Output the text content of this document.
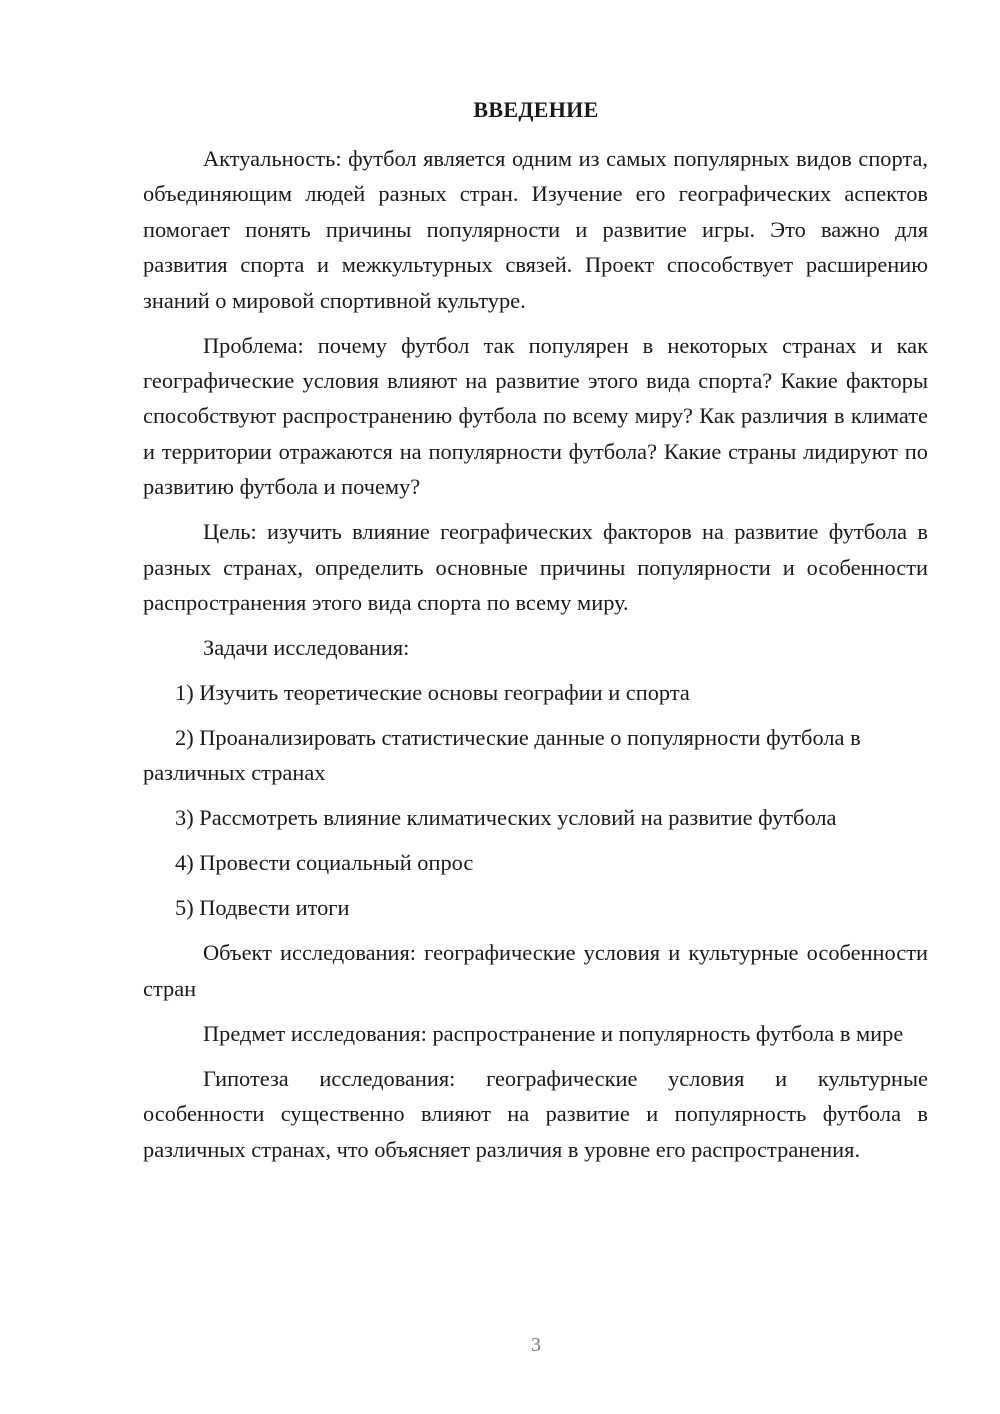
ВВЕДЕНИЕ

Актуальность: футбол является одним из самых популярных видов спорта, объединяющим людей разных стран. Изучение его географических аспектов помогает понять причины популярности и развитие игры. Это важно для развития спорта и межкультурных связей. Проект способствует расширению знаний о мировой спортивной культуре.

Проблема: почему футбол так популярен в некоторых странах и как географические условия влияют на развитие этого вида спорта? Какие факторы способствуют распространению футбола по всему миру? Как различия в климате и территории отражаются на популярности футбола? Какие страны лидируют по развитию футбола и почему?

Цель: изучить влияние географических факторов на развитие футбола в разных странах, определить основные причины популярности и особенности распространения этого вида спорта по всему миру.

Задачи исследования:

1) Изучить теоретические основы географии и спорта

2) Проанализировать статистические данные о популярности футбола в различных странах

3) Рассмотреть влияние климатических условий на развитие футбола

4) Провести социальный опрос

5) Подвести итоги

Объект исследования: географические условия и культурные особенности стран

Предмет исследования: распространение и популярность футбола в мире

Гипотеза исследования: географические условия и культурные особенности существенно влияют на развитие и популярность футбола в различных странах, что объясняет различия в уровне его распространения.

3
